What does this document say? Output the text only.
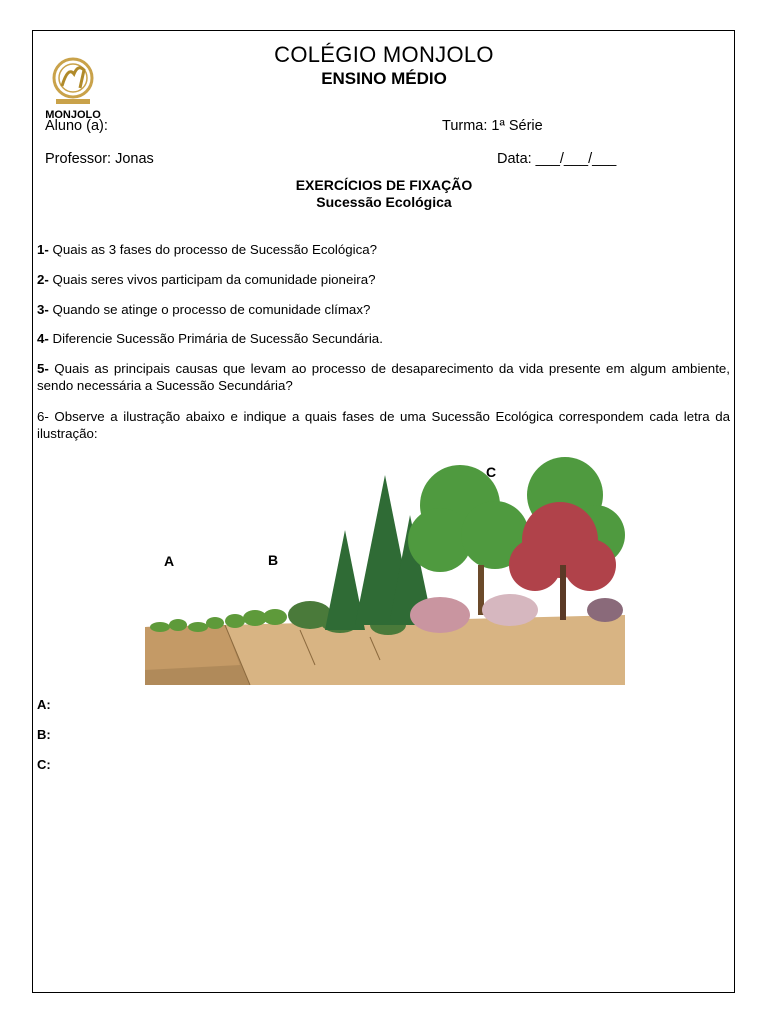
MONJOLO
COLÉGIO MONJOLO
ENSINO MÉDIO
Aluno (a):	Turma: 1ª Série
Professor: Jonas	Data: ___/___/___
EXERCÍCIOS DE FIXAÇÃO
Sucessão Ecológica
1- Quais as 3 fases do processo de Sucessão Ecológica?
2- Quais seres vivos participam da comunidade pioneira?
3- Quando se atinge o processo de comunidade clímax?
4- Diferencie Sucessão Primária de Sucessão Secundária.
5- Quais as principais causas que levam ao processo de desaparecimento da vida presente em algum ambiente, sendo necessária a Sucessão Secundária?
6- Observe a ilustração abaixo e indique a quais fases de uma Sucessão Ecológica correspondem cada letra da ilustração:
A	B
C
A:
B:
C:
